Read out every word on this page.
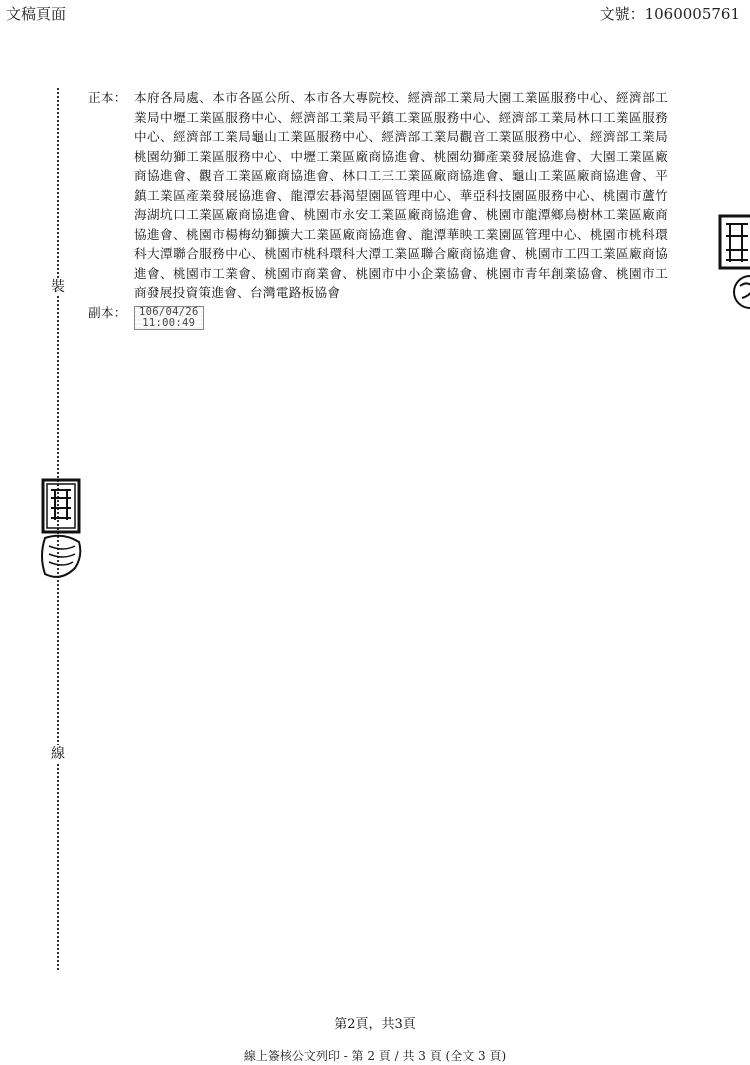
文稿頁面	文號：1060005761
裝
線
正本： 本府各局處、本市各區公所、本市各大專院校、經濟部工業局大園工業區服務中心、經濟部工業局中壢工業區服務中心、經濟部工業局平鎮工業區服務中心、經濟部工業局林口工業區服務中心、經濟部工業局龜山工業區服務中心、經濟部工業局觀音工業區服務中心、經濟部工業局桃園幼獅工業區服務中心、中壢工業區廠商協進會、桃園幼獅產業發展協進會、大園工業區廠商協進會、觀音工業區廠商協進會、林口工三工業區廠商協進會、龜山工業區廠商協進會、平鎮工業區產業發展協進會、龍潭宏碁渴望園區管理中心、華亞科技園區服務中心、桃園市蘆竹海湖坑口工業區廠商協進會、桃園市永安工業區廠商協進會、桃園市龍潭鄉烏樹林工業區廠商協進會、桃園市楊梅幼獅擴大工業區廠商協進會、龍潭華映工業園區管理中心、桃園市桃科環科大潭聯合服務中心、桃園市桃科環科大潭工業區聯合廠商協進會、桃園市工四工業區廠商協進會、桃園市工業會、桃園市商業會、桃園市中小企業協會、桃園市青年創業協會、桃園市工商發展投資策進會、台灣電路板協會
副本：	106/04/26
11:00:49
第2頁，共3頁
線上簽核公文列印 - 第 2 頁 / 共 3 頁 (全文 3 頁)
